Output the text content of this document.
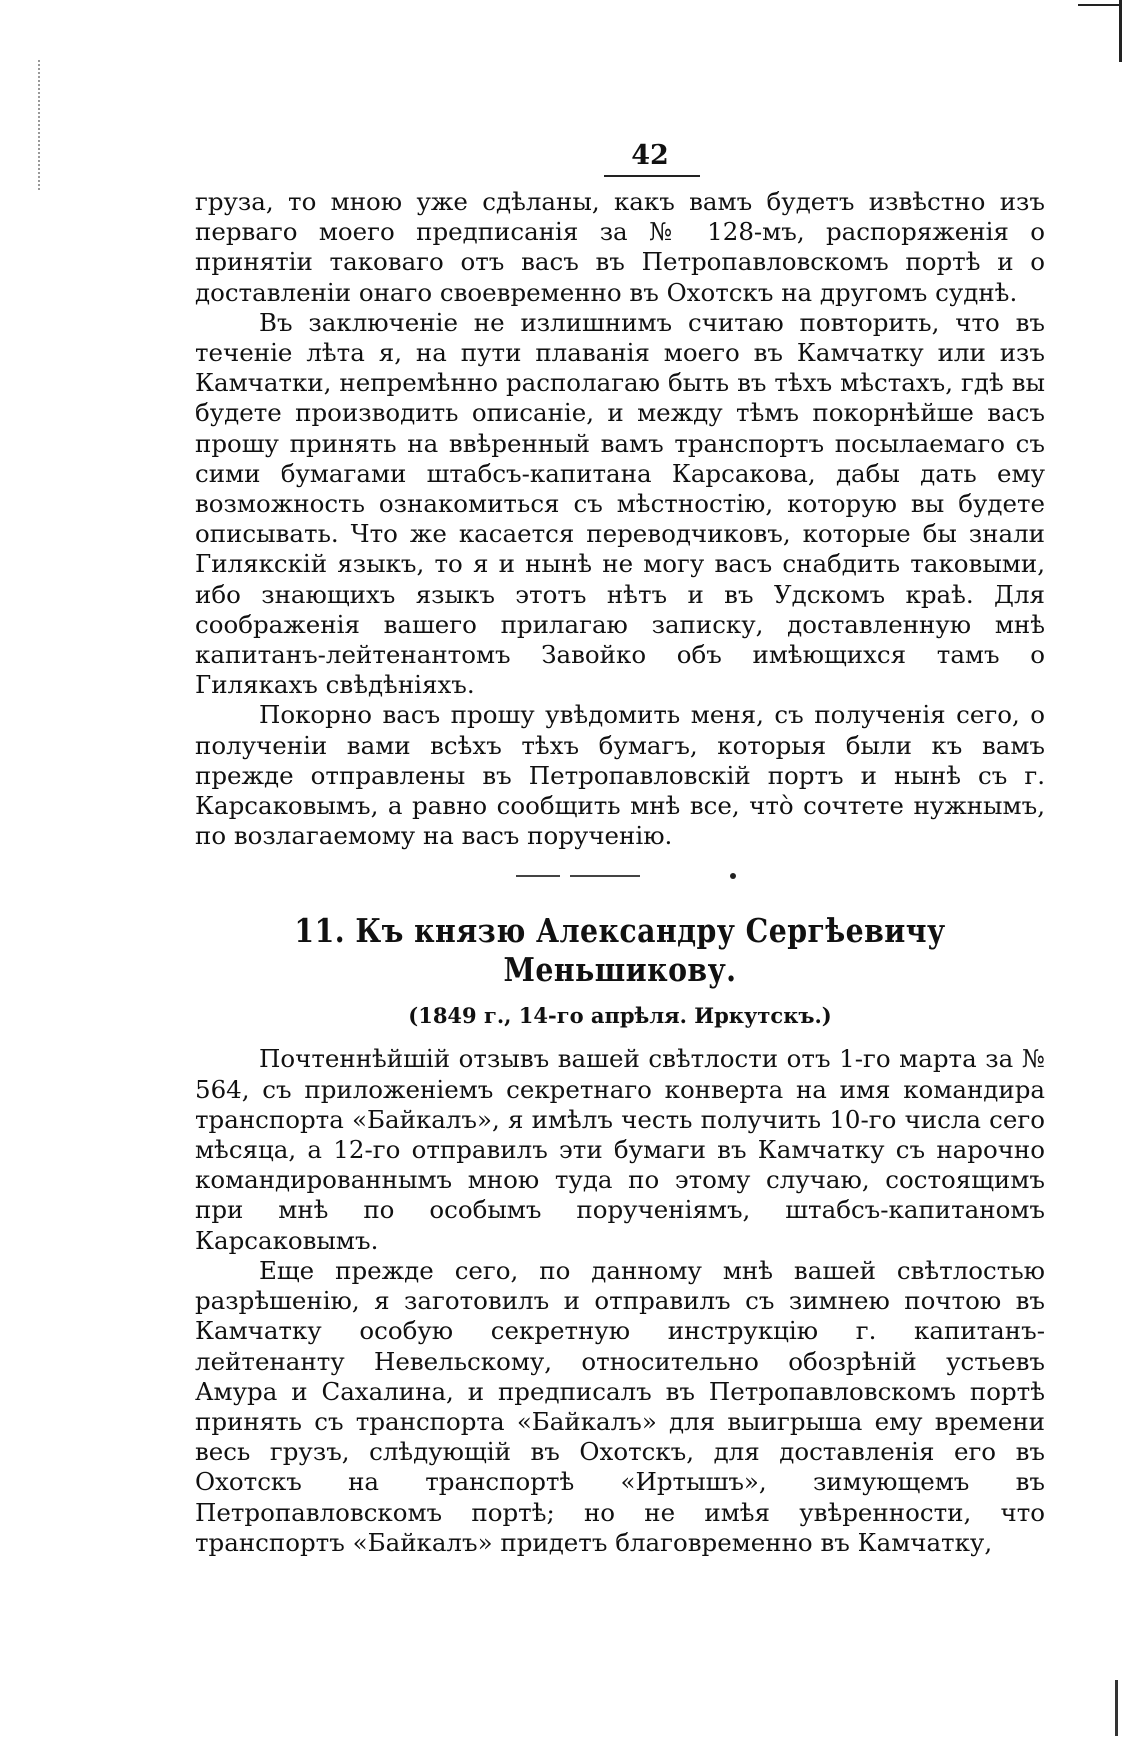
42

груза, то мною уже сдѣланы, какъ вамъ будетъ извѣстно изъ перваго моего предписанія за № 128-мъ, распоряженія о принятіи таковаго отъ васъ въ Петропавловскомъ портѣ и о доставленіи онаго своевременно въ Охотскъ на другомъ суднѣ.

Въ заключеніе не излишнимъ считаю повторить, что въ теченіе лѣта я, на пути плаванія моего въ Камчатку или изъ Камчатки, непремѣнно располагаю быть въ тѣхъ мѣстахъ, гдѣ вы будете производить описаніе, и между тѣмъ покорнѣйше васъ прошу принять на ввѣренный вамъ транспортъ посылаемаго съ сими бумагами штабсъ-капитана Карсакова, дабы дать ему возможность ознакомиться съ мѣстностію, которую вы будете описывать. Что же касается переводчиковъ, которые бы знали Гилякскій языкъ, то я и нынѣ не могу васъ снабдить таковыми, ибо знающихъ языкъ этотъ нѣтъ и въ Удскомъ краѣ. Для соображенія вашего прилагаю записку, доставленную мнѣ капитанъ-лейтенантомъ Завойко объ имѣющихся тамъ о Гилякахъ свѣдѣніяхъ.

Покорно васъ прошу увѣдомить меня, съ полученія сего, о полученіи вами всѣхъ тѣхъ бумагъ, которыя были къ вамъ прежде отправлены въ Петропавловскій портъ и нынѣ съ г. Карсаковымъ, а равно сообщить мнѣ все, что̀ сочтете нужнымъ, по возлагаемому на васъ порученію.

11. Къ князю Александру Сергѣевичу Меньшикову.
(1849 г., 14-го апрѣля. Иркутскъ.)

Почтеннѣйшій отзывъ вашей свѣтлости отъ 1-го марта за № 564, съ приложеніемъ секретнаго конверта на имя командира транспорта «Байкалъ», я имѣлъ честь получить 10-го числа сего мѣсяца, а 12-го отправилъ эти бумаги въ Камчатку съ нарочно командированнымъ мною туда по этому случаю, состоящимъ при мнѣ по особымъ порученіямъ, штабсъ-капитаномъ Карсаковымъ.

Еще прежде сего, по данному мнѣ вашей свѣтлостью разрѣшенію, я заготовилъ и отправилъ съ зимнею почтою въ Камчатку особую секретную инструкцію г. капитанъ-лейтенанту Невельскому, относительно обозрѣній устьевъ Амура и Сахалина, и предписалъ въ Петропавловскомъ портѣ принять съ транспорта «Байкалъ» для выигрыша ему времени весь грузъ, слѣдующій въ Охотскъ, для доставленія его въ Охотскъ на транспортѣ «Иртышъ», зимующемъ въ Петропавловскомъ портѣ; но не имѣя увѣренности, что транспортъ «Байкалъ» придетъ благовременно въ Камчатку,
